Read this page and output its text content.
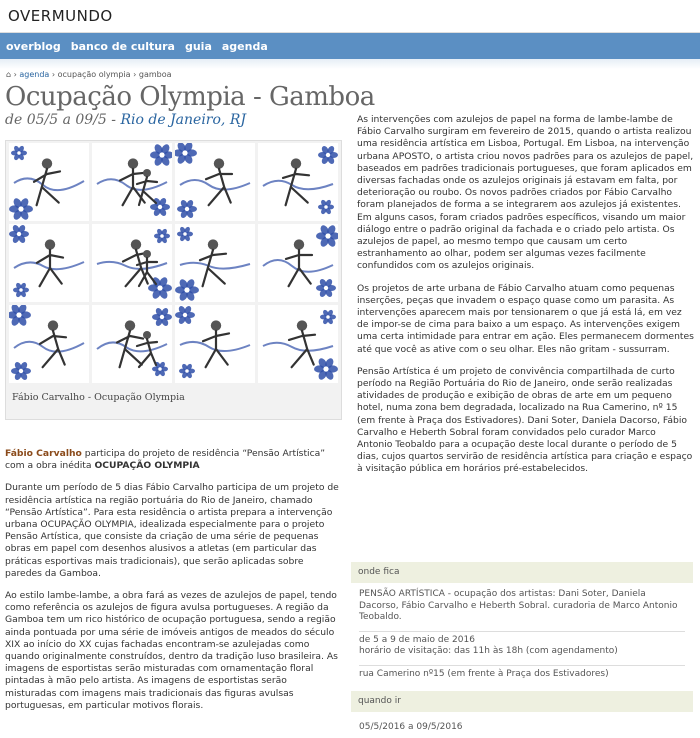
OVERMUNDO
overblog banco de cultura guia agenda
⌂ › agenda › ocupação olympia › gamboa
Ocupação Olympia - Gamboa
de 05/5 a 09/5 - Rio de Janeiro, RJ
Fábio Carvalho - Ocupação Olympia

Fábio Carvalho participa do projeto de residência “Pensão Artística” com a obra inédita OCUPAÇÃO OLYMPIA

Durante um período de 5 dias Fábio Carvalho participa de um projeto de residência artística na região portuária do Rio de Janeiro, chamado “Pensão Artística”. Para esta residência o artista prepara a intervenção urbana OCUPAÇÃO OLYMPIA, idealizada especialmente para o projeto Pensão Artística, que consiste da criação de uma série de pequenas obras em papel com desenhos alusivos a atletas (em particular das práticas esportivas mais tradicionais), que serão aplicadas sobre paredes da Gamboa.

Ao estilo lambe-lambe, a obra fará as vezes de azulejos de papel, tendo como referência os azulejos de figura avulsa portugueses. A região da Gamboa tem um rico histórico de ocupação portuguesa, sendo a região ainda pontuada por uma série de imóveis antigos de meados do século XIX ao início do XX cujas fachadas encontram-se azulejadas como quando originalmente construídos, dentro da tradição luso brasileira. As imagens de esportistas serão misturadas com ornamentação floral pintadas à mão pelo artista. As imagens de esportistas serão misturadas com imagens mais tradicionais das figuras avulsas portuguesas, em particular motivos florais.

As intervenções com azulejos de papel na forma de lambe-lambe de Fábio Carvalho surgiram em fevereiro de 2015, quando o artista realizou uma residência artística em Lisboa, Portugal. Em Lisboa, na intervenção urbana APOSTO, o artista criou novos padrões para os azulejos de papel, baseados em padrões tradicionais portugueses, que foram aplicados em diversas fachadas onde os azulejos originais já estavam em falta, por deterioração ou roubo. Os novos padrões criados por Fábio Carvalho foram planejados de forma a se integrarem aos azulejos já existentes. Em alguns casos, foram criados padrões específicos, visando um maior diálogo entre o padrão original da fachada e o criado pelo artista. Os azulejos de papel, ao mesmo tempo que causam um certo estranhamento ao olhar, podem ser algumas vezes facilmente confundidos com os azulejos originais.

Os projetos de arte urbana de Fábio Carvalho atuam como pequenas inserções, peças que invadem o espaço quase como um parasita. As intervenções aparecem mais por tensionarem o que já está lá, em vez de impor-se de cima para baixo a um espaço. As intervenções exigem uma certa intimidade para entrar em ação. Eles permanecem dormentes até que você as ative com o seu olhar. Eles não gritam - sussurram.

Pensão Artística é um projeto de convivência compartilhada de curto período na Região Portuária do Rio de Janeiro, onde serão realizadas atividades de produção e exibição de obras de arte em um pequeno hotel, numa zona bem degradada, localizado na Rua Camerino, nº 15 (em frente à Praça dos Estivadores). Dani Soter, Daniela Dacorso, Fábio Carvalho e Heberth Sobral foram convidados pelo curador Marco Antonio Teobaldo para a ocupação deste local durante o período de 5 dias, cujos quartos servirão de residência artística para criação e espaço à visitação pública em horários pré-estabelecidos.

onde fica
PENSÃO ARTÍSTICA - ocupação dos artistas: Dani Soter, Daniela Dacorso, Fábio Carvalho e Heberth Sobral. curadoria de Marco Antonio Teobaldo.
de 5 a 9 de maio de 2016
horário de visitação: das 11h às 18h (com agendamento)
rua Camerino nº15 (em frente à Praça dos Estivadores)
quando ir
05/5/2016 a 09/5/2016
